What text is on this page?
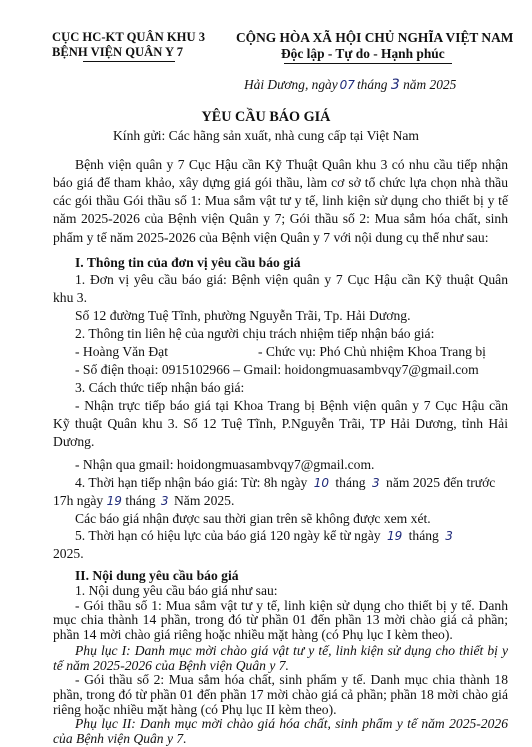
CỤC HC-KT QUÂN KHU 3
BỆNH VIỆN QUÂN Y 7
CỘNG HÒA XÃ HỘI CHỦ NGHĨA VIỆT NAM
Độc lập - Tự do - Hạnh phúc
Hải Dương, ngày 07 tháng 3 năm 2025
YÊU CẦU BÁO GIÁ
Kính gửi: Các hãng sản xuất, nhà cung cấp tại Việt Nam
Bệnh viện quân y 7 Cục Hậu cần Kỹ Thuật Quân khu 3 có nhu cầu tiếp nhận
báo giá để tham khảo, xây dựng giá gói thầu, làm cơ sở tổ chức lựa chọn nhà thầu
các gói thầu Gói thầu số 1: Mua sắm vật tư y tế, linh kiện sử dụng cho thiết bị y tế
năm 2025-2026 của Bệnh viện Quân y 7; Gói thầu số 2: Mua sắm hóa chất, sinh
phẩm y tế năm 2025-2026 của Bệnh viện Quân y 7 với nội dung cụ thể như sau:
I. Thông tin của đơn vị yêu cầu báo giá
1. Đơn vị yêu cầu báo giá: Bệnh viện quân y 7 Cục Hậu cần Kỹ thuật Quân
khu 3.
Số 12 đường Tuệ Tĩnh, phường Nguyễn Trãi, Tp. Hải Dương.
2. Thông tin liên hệ của người chịu trách nhiệm tiếp nhận báo giá:
- Hoàng Văn Đạt	- Chức vụ: Phó Chủ nhiệm Khoa Trang bị
- Số điện thoại: 0915102966 – Gmail: hoidongmuasambvqy7@gmail.com
3. Cách thức tiếp nhận báo giá:
- Nhận trực tiếp báo giá tại Khoa Trang bị Bệnh viện quân y 7 Cục Hậu cần
Kỹ thuật Quân khu 3. Số 12 Tuệ Tĩnh, P.Nguyễn Trãi, TP Hải Dương, tỉnh Hải
Dương.
- Nhận qua gmail: hoidongmuasambvqy7@gmail.com.
4. Thời hạn tiếp nhận báo giá: Từ: 8h ngày 10 tháng 3 năm 2025 đến trước
17h ngày 19 tháng 3 Năm 2025.
Các báo giá nhận được sau thời gian trên sẽ không được xem xét.
5. Thời hạn có hiệu lực của báo giá 120 ngày kể từ ngày 19 tháng 3
2025.
II. Nội dung yêu cầu báo giá
1. Nội dung yêu cầu báo giá như sau:
- Gói thầu số 1: Mua sắm vật tư y tế, linh kiện sử dụng cho thiết bị y tế. Danh
mục chia thành 14 phần, trong đó từ phần 01 đến phần 13 mời chào giá cả phần;
phần 14 mời chào giá riêng hoặc nhiều mặt hàng (có Phụ lục I kèm theo).
Phụ lục I: Danh mục mời chào giá vật tư y tế, linh kiện sử dụng cho thiết bị y
tế năm 2025-2026 của Bệnh viện Quân y 7.
- Gói thầu số 2: Mua sắm hóa chất, sinh phẩm y tế. Danh mục chia thành 18
phần, trong đó từ phần 01 đến phần 17 mời chào giá cả phần; phần 18 mời chào giá
riêng hoặc nhiều mặt hàng (có Phụ lục II kèm theo).
Phụ lục II: Danh mục mời chào giá hóa chất, sinh phẩm y tế năm 2025-2026
của Bệnh viện Quân y 7.
